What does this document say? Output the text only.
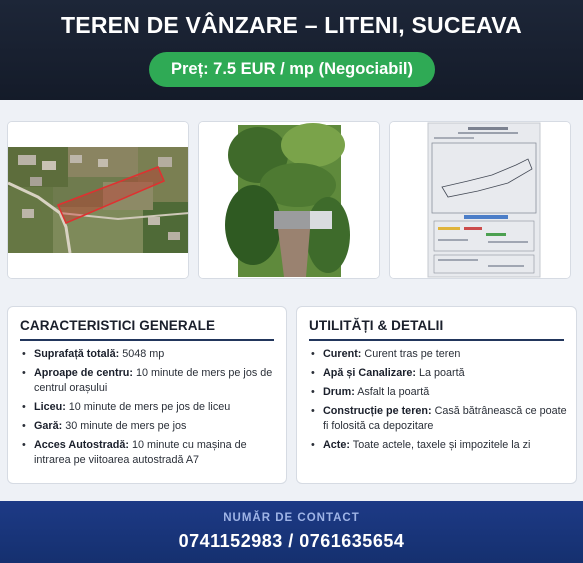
TEREN DE VÂNZARE – LITENI, SUCEAVA
Preț: 7.5 EUR / mp (Negociabil)
CARACTERISTICI GENERALE
• Suprafață totală: 5048 mp
• Aproape de centru: 10 minute de mers pe jos de centrul orașului
• Liceu: 10 minute de mers pe jos de liceu
• Gară: 30 minute de mers pe jos
• Acces Autostradă: 10 minute cu mașina de intrarea pe viitoarea autostradă A7
UTILITĂȚI & DETALII
• Curent: Curent tras pe teren
• Apă și Canalizare: La poartă
• Drum: Asfalt la poartă
• Construcție pe teren: Casă bătrânească ce poate fi folosită ca depozitare
• Acte: Toate actele, taxele și impozitele la zi
NUMĂR DE CONTACT
0741152983 / 0761635654
